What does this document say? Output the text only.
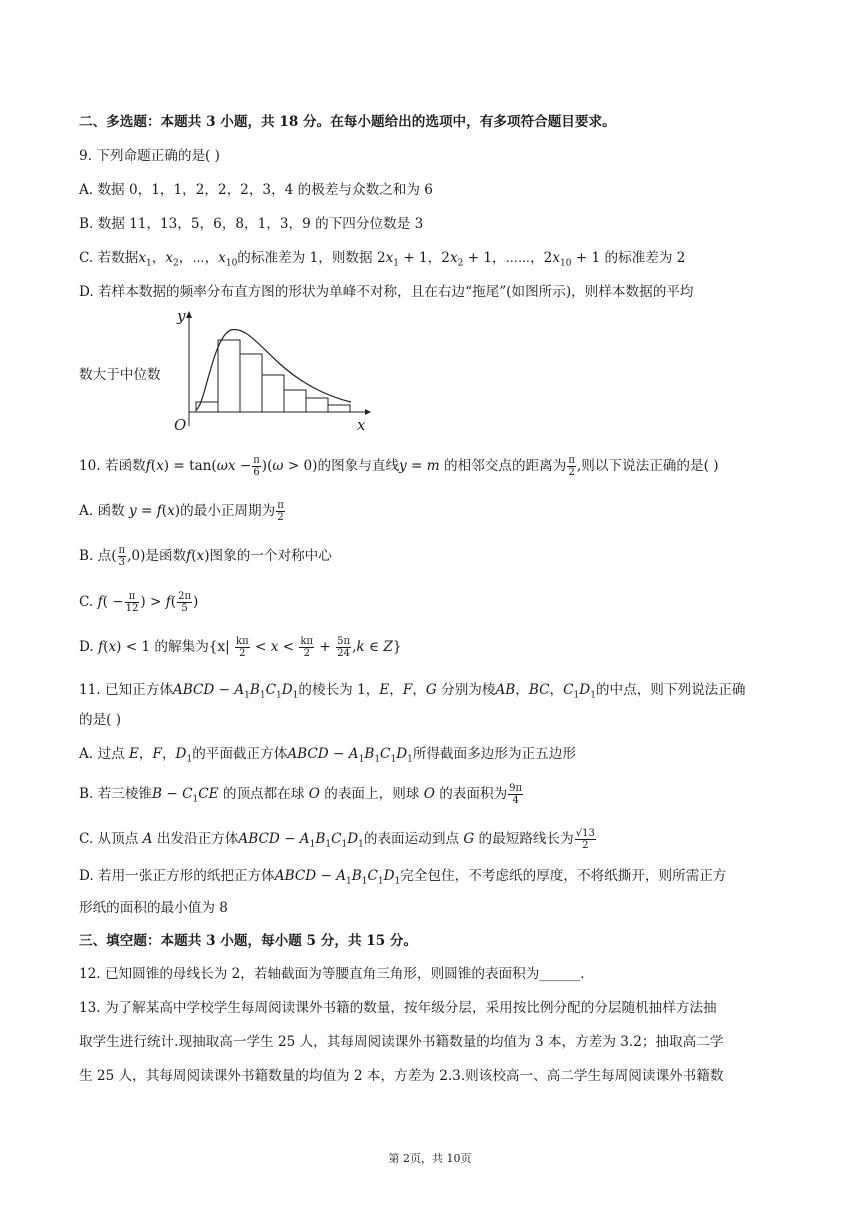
二、多选题：本题共 3 小题，共 18 分。在每小题给出的选项中，有多项符合题目要求。
9. 下列命题正确的是( )
A. 数据 0，1，1，2，2，2，3，4 的极差与众数之和为 6
B. 数据 11，13，5，6，8，1，3，9 的下四分位数是 3
C. 若数据$x_1$，$x_2$，⋯，$x_{10}$的标准差为 1，则数据 $2x_1 + 1$，$2x_2 + 1$，⋯⋯，$2x_{10} + 1$ 的标准差为 2
D. 若样本数据的频率分布直方图的形状为单峰不对称，且在右边“拖尾”(如图所示)，则样本数据的平均
数大于中位数
y
x
O
10. 若函数$f(x) = \tan(\omega x - \frac{\pi}{6} )(\omega > 0)$的图象与直线y = m 的相邻交点的距离为 $\frac{\pi}{2}$ ,则以下说法正确的是( )
A. 函数 y = f(x)的最小正周期为 $\frac{\pi}{2}$
B. 点( $\frac{\pi}{3} ,0$)是函数f(x)图象的一个对称中心
C. $f( - \frac{\pi}{12}$ ) > $f( \frac{2\pi}{5}$ )
D. f(x) < 1 的解集为{$x| \frac{k\pi}{2} < x < \frac{k\pi}{2} + \frac{5\pi}{24} ,k$ ∈ Z}
11. 已知正方体ABCD − $A_1B_1C_1D_1$的棱长为 1，E，F，G 分别为棱AB，BC，$C_1D_1$的中点，则下列说法正确
的是( )
A. 过点 E，F，$D_1$的平面截正方体ABCD − $A_1B_1C_1D_1$所得截面多边形为正五边形
B. 若三棱锥$B - C_1CE$ 的顶点都在球 O 的表面上，则球 O 的表面积为 $\frac{9\pi}{4}$
C. 从顶点 A 出发沿正方体ABCD − $A_1B_1C_1D_1$的表面运动到点 G 的最短路线长为 $\frac{√13}{2}$
D. 若用一张正方形的纸把正方体ABCD − $A_1B_1C_1D_1$完全包住，不考虑纸的厚度，不将纸撕开，则所需正方
形纸的面积的最小值为 8
三、填空题：本题共 3 小题，每小题 5 分，共 15 分。
12. 已知圆锥的母线长为 2，若轴截面为等腰直角三角形，则圆锥的表面积为______.
13. 为了解某高中学校学生每周阅读课外书籍的数量，按年级分层，采用按比例分配的分层随机抽样方法抽
取学生进行统计.现抽取高一学生 25 人，其每周阅读课外书籍数量的均值为 3 本，方差为 3.2；抽取高二学
生 25 人，其每周阅读课外书籍数量的均值为 2 本，方差为 2.3.则该校高一、高二学生每周阅读课外书籍数
第 2页，共 10页
